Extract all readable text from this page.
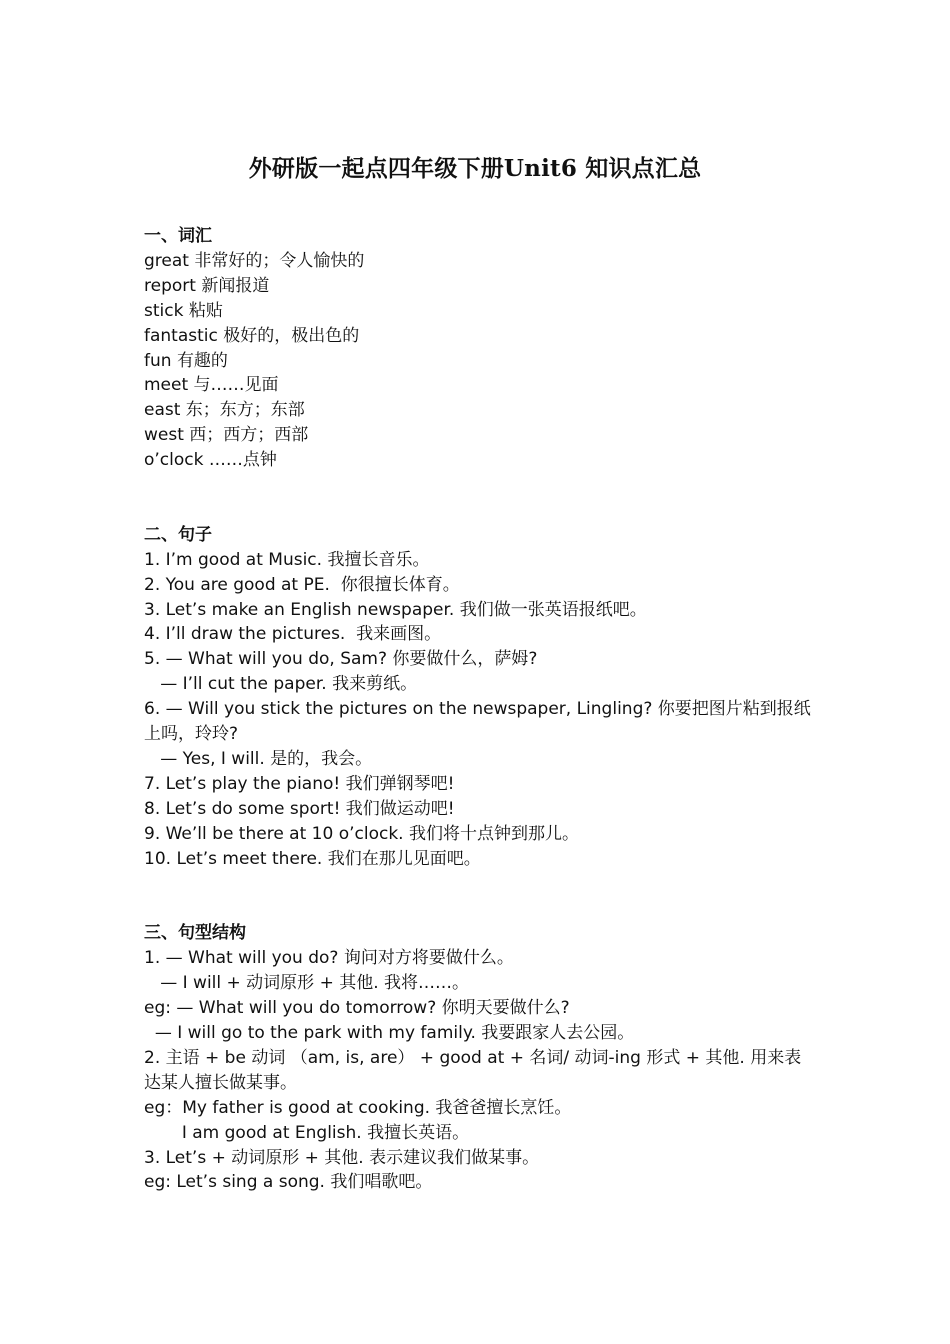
外研版一起点四年级下册Unit6 知识点汇总
一、词汇
great 非常好的；令人愉快的
report 新闻报道
stick 粘贴
fantastic 极好的，极出色的
fun 有趣的
meet 与……见面
east 东；东方；东部
west 西；西方；西部
o’clock ……点钟
二、句子
1. I’m good at Music. 我擅长音乐。
2. You are good at PE.  你很擅长体育。
3. Let’s make an English newspaper. 我们做一张英语报纸吧。
4. I’ll draw the pictures.  我来画图。
5. — What will you do, Sam? 你要做什么，萨姆?
— I’ll cut the paper. 我来剪纸。
6. — Will you stick the pictures on the newspaper, Lingling? 你要把图片粘到报纸上吗，玲玲?
— Yes, I will. 是的，我会。
7. Let’s play the piano! 我们弹钢琴吧!
8. Let’s do some sport! 我们做运动吧!
9. We’ll be there at 10 o’clock. 我们将十点钟到那儿。
10. Let’s meet there. 我们在那儿见面吧。
三、句型结构
1. — What will you do? 询问对方将要做什么。
— I will + 动词原形 + 其他. 我将……。
eg: — What will you do tomorrow? 你明天要做什么?
— I will go to the park with my family. 我要跟家人去公园。
2. 主语 + be 动词 （am, is, are） + good at + 名词/ 动词-ing 形式 + 其他. 用来表达某人擅长做某事。
eg：My father is good at cooking. 我爸爸擅长烹饪。
I am good at English. 我擅长英语。
3. Let’s + 动词原形 + 其他. 表示建议我们做某事。
eg: Let’s sing a song. 我们唱歌吧。
